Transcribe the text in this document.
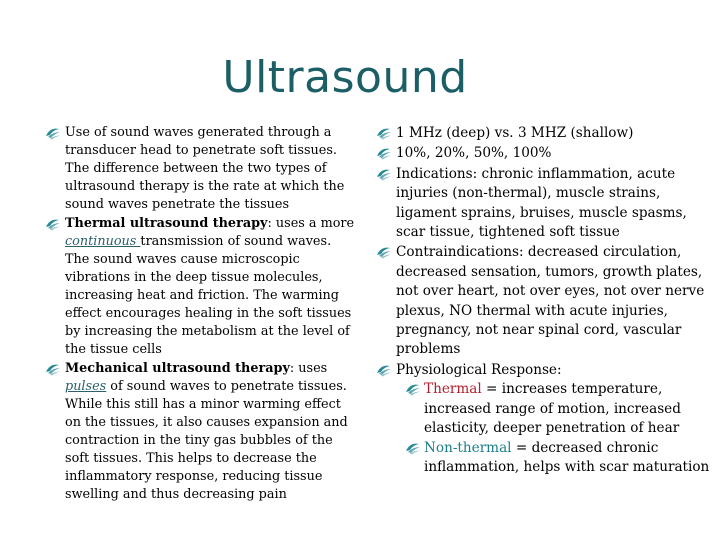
Ultrasound
Use of sound waves generated through a transducer head to penetrate soft tissues. The difference between the two types of ultrasound therapy is the rate at which the sound waves penetrate the tissues
Thermal ultrasound therapy: uses a more continuous transmission of sound waves. The sound waves cause microscopic vibrations in the deep tissue molecules, increasing heat and friction. The warming effect encourages healing in the soft tissues by increasing the metabolism at the level of the tissue cells
Mechanical ultrasound therapy: uses pulses of sound waves to penetrate tissues. While this still has a minor warming effect on the tissues, it also causes expansion and contraction in the tiny gas bubbles of the soft tissues. This helps to decrease the inflammatory response, reducing tissue swelling and thus decreasing pain
1 MHz (deep) vs. 3 MHZ (shallow)
10%, 20%, 50%, 100%
Indications: chronic inflammation, acute injuries (non-thermal), muscle strains, ligament sprains, bruises, muscle spasms, scar tissue, tightened soft tissue
Contraindications: decreased circulation, decreased sensation, tumors, growth plates, not over heart, not over eyes, not over nerve plexus, NO thermal with acute injuries, pregnancy, not near spinal cord, vascular problems
Physiological Response:
Thermal = increases temperature, increased range of motion, increased elasticity, deeper penetration of hear
Non-thermal = decreased chronic inflammation, helps with scar maturation
